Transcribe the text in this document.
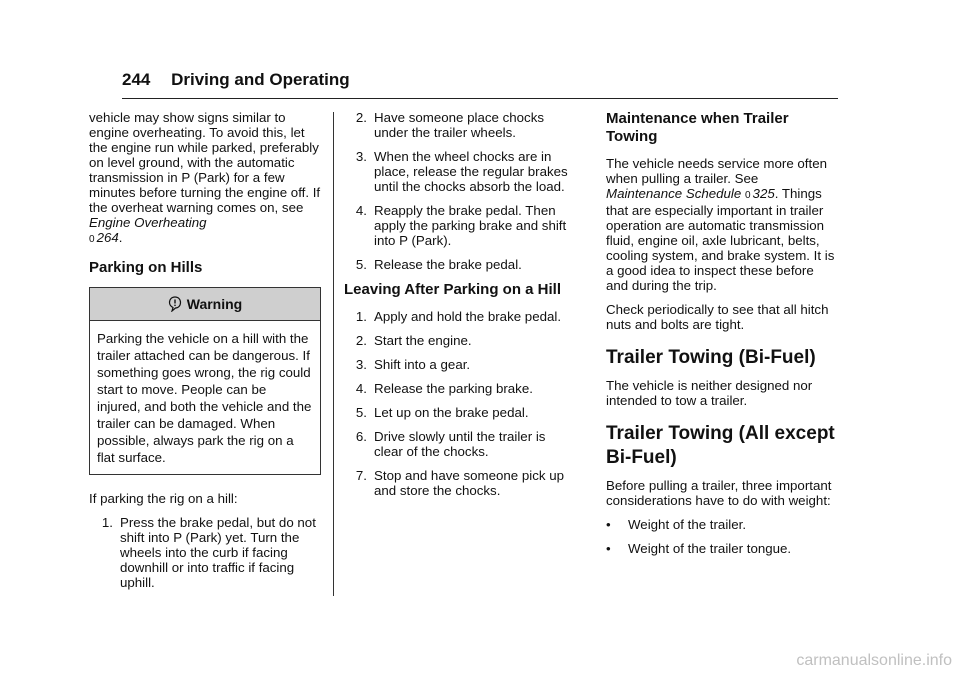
244 Driving and Operating

vehicle may show signs similar to engine overheating. To avoid this, let the engine run while parked, preferably on level ground, with the automatic transmission in P (Park) for a few minutes before turning the engine off. If the overheat warning comes on, see Engine Overheating
0 264.

Parking on Hills
Warning
Parking the vehicle on a hill with the trailer attached can be dangerous. If something goes wrong, the rig could start to move. People can be injured, and both the vehicle and the trailer can be damaged. When possible, always park the rig on a flat surface.

If parking the rig on a hill:

1. Press the brake pedal, but do not shift into P (Park) yet. Turn the wheels into the curb if facing downhill or into traffic if facing uphill.
2. Have someone place chocks under the trailer wheels.
3. When the wheel chocks are in place, release the regular brakes until the chocks absorb the load.
4. Reapply the brake pedal. Then apply the parking brake and shift into P (Park).
5. Release the brake pedal.
Leaving After Parking on a Hill
1. Apply and hold the brake pedal.
2. Start the engine.
3. Shift into a gear.
4. Release the parking brake.
5. Let up on the brake pedal.
6. Drive slowly until the trailer is clear of the chocks.
7. Stop and have someone pick up and store the chocks.
Maintenance when Trailer Towing

The vehicle needs service more often when pulling a trailer. See Maintenance Schedule 0 325. Things that are especially important in trailer operation are automatic transmission fluid, engine oil, axle lubricant, belts, cooling system, and brake system. It is a good idea to inspect these before and during the trip.

Check periodically to see that all hitch nuts and bolts are tight.

Trailer Towing (Bi-Fuel)

The vehicle is neither designed nor intended to tow a trailer.

Trailer Towing (All except Bi-Fuel)

Before pulling a trailer, three important considerations have to do with weight:

•	Weight of the trailer.
•	Weight of the trailer tongue.
carmanualsonline.info
